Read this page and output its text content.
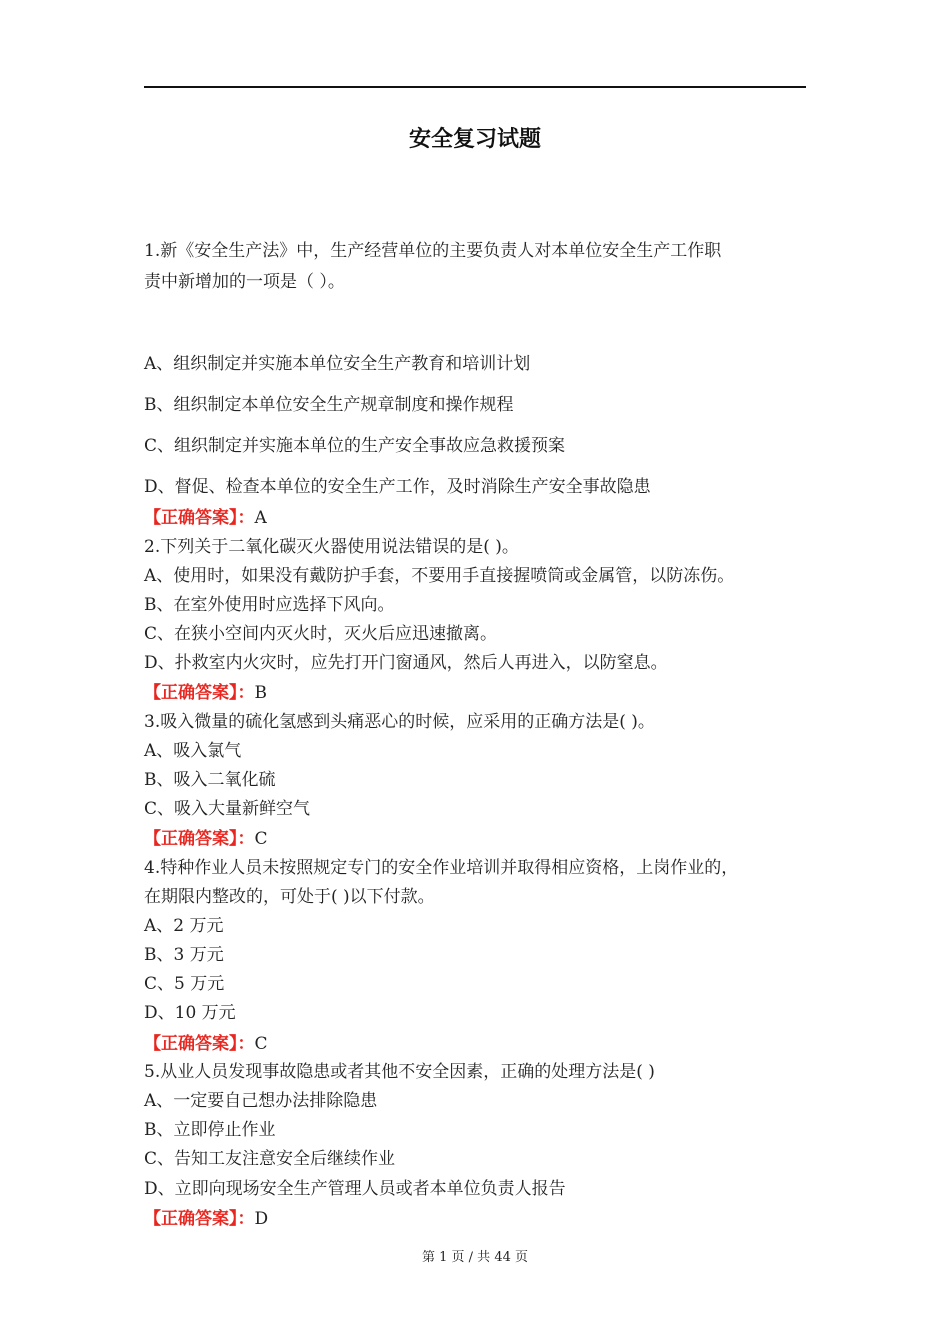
安全复习试题
1.新《安全生产法》中，生产经营单位的主要负责人对本单位安全生产工作职
责中新增加的一项是（ ）。
A、组织制定并实施本单位安全生产教育和培训计划
B、组织制定本单位安全生产规章制度和操作规程
C、组织制定并实施本单位的生产安全事故应急救援预案
D、督促、检查本单位的安全生产工作，及时消除生产安全事故隐患
【正确答案】：A
2.下列关于二氧化碳灭火器使用说法错误的是( )。
A、使用时，如果没有戴防护手套，不要用手直接握喷筒或金属管，以防冻伤。
B、在室外使用时应选择下风向。
C、在狭小空间内灭火时，灭火后应迅速撤离。
D、扑救室内火灾时，应先打开门窗通风，然后人再进入，以防窒息。
【正确答案】：B
3.吸入微量的硫化氢感到头痛恶心的时候，应采用的正确方法是( )。
A、吸入氯气
B、吸入二氧化硫
C、吸入大量新鲜空气
【正确答案】：C
4.特种作业人员未按照规定专门的安全作业培训并取得相应资格，上岗作业的，
在期限内整改的，可处于( )以下付款。
A、2 万元
B、3 万元
C、5 万元
D、10 万元
【正确答案】：C
5.从业人员发现事故隐患或者其他不安全因素，正确的处理方法是( )
A、一定要自己想办法排除隐患
B、立即停止作业
C、告知工友注意安全后继续作业
D、立即向现场安全生产管理人员或者本单位负责人报告
【正确答案】：D
第 1 页 / 共 44 页
